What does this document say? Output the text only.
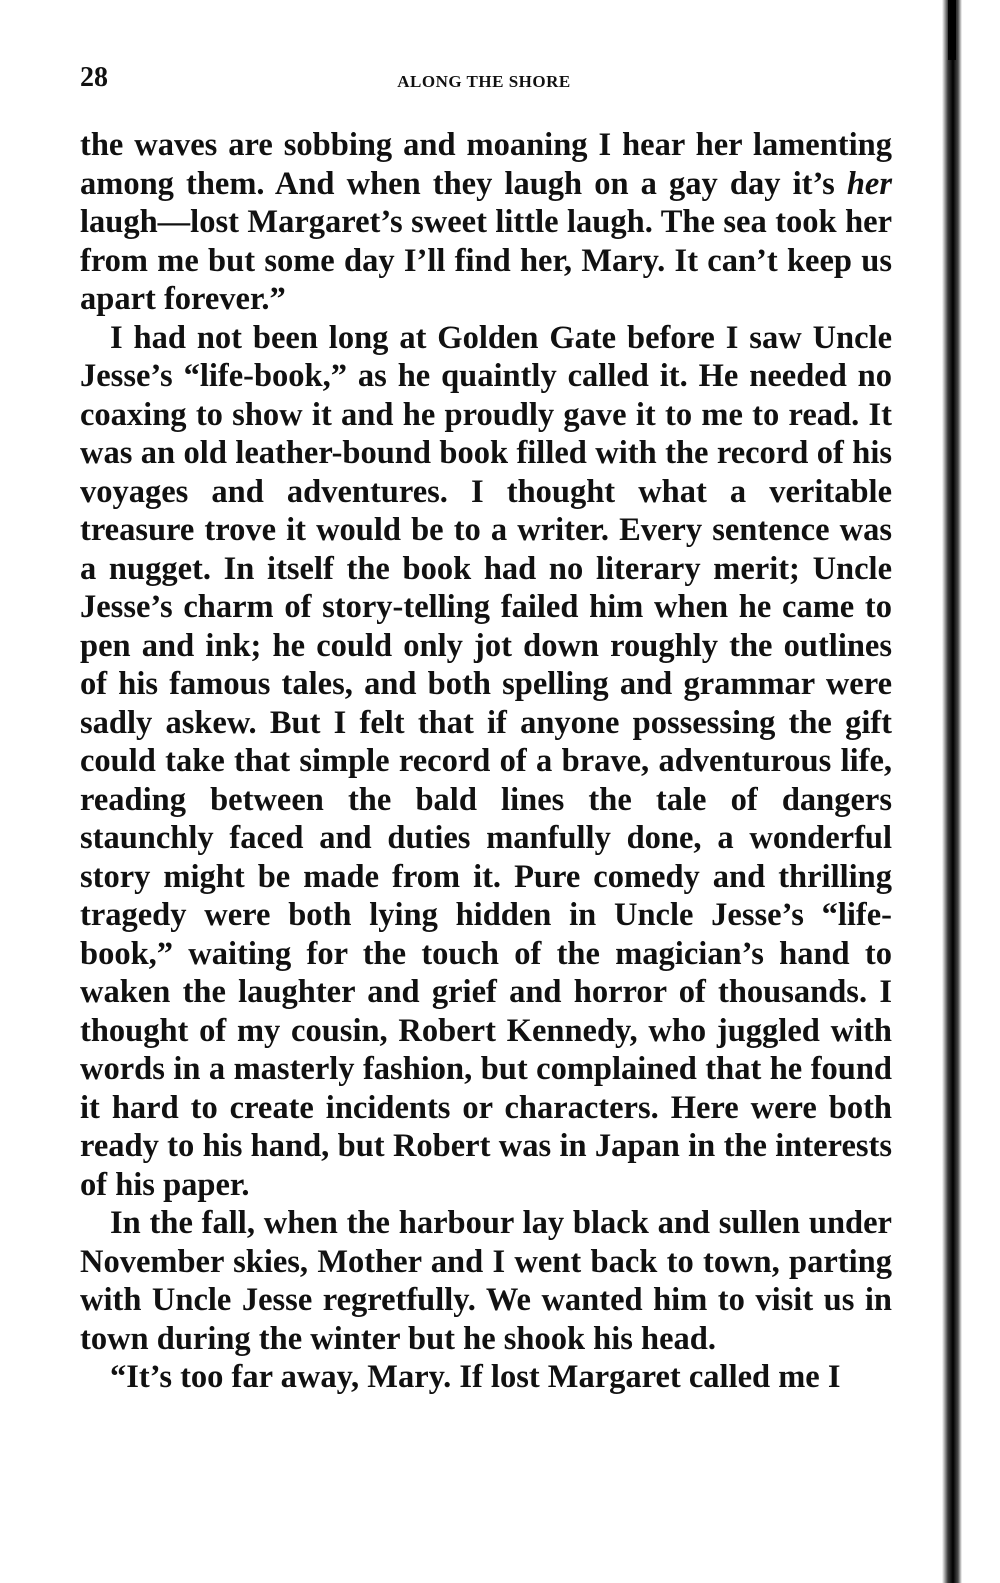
28	ALONG THE SHORE

the waves are sobbing and moaning I hear her lamenting among them. And when they laugh on a gay day it’s her laugh—lost Margaret’s sweet little laugh. The sea took her from me but some day I’ll find her, Mary. It can’t keep us apart forever.”

I had not been long at Golden Gate before I saw Uncle Jesse’s “life-book,” as he quaintly called it. He needed no coaxing to show it and he proudly gave it to me to read. It was an old leather-bound book filled with the record of his voyages and adventures. I thought what a veritable treasure trove it would be to a writer. Every sentence was a nugget. In itself the book had no literary merit; Uncle Jesse’s charm of story-telling failed him when he came to pen and ink; he could only jot down roughly the outlines of his famous tales, and both spelling and grammar were sadly askew. But I felt that if anyone possessing the gift could take that simple record of a brave, adventurous life, reading between the bald lines the tale of dangers staunchly faced and duties manfully done, a wonderful story might be made from it. Pure comedy and thrilling tragedy were both lying hidden in Uncle Jesse’s “life-book,” waiting for the touch of the magician’s hand to waken the laughter and grief and horror of thousands. I thought of my cousin, Robert Kennedy, who juggled with words in a masterly fashion, but complained that he found it hard to create incidents or characters. Here were both ready to his hand, but Robert was in Japan in the interests of his paper.

In the fall, when the harbour lay black and sullen under November skies, Mother and I went back to town, parting with Uncle Jesse regretfully. We wanted him to visit us in town during the winter but he shook his head.

“It’s too far away, Mary. If lost Margaret called me I
